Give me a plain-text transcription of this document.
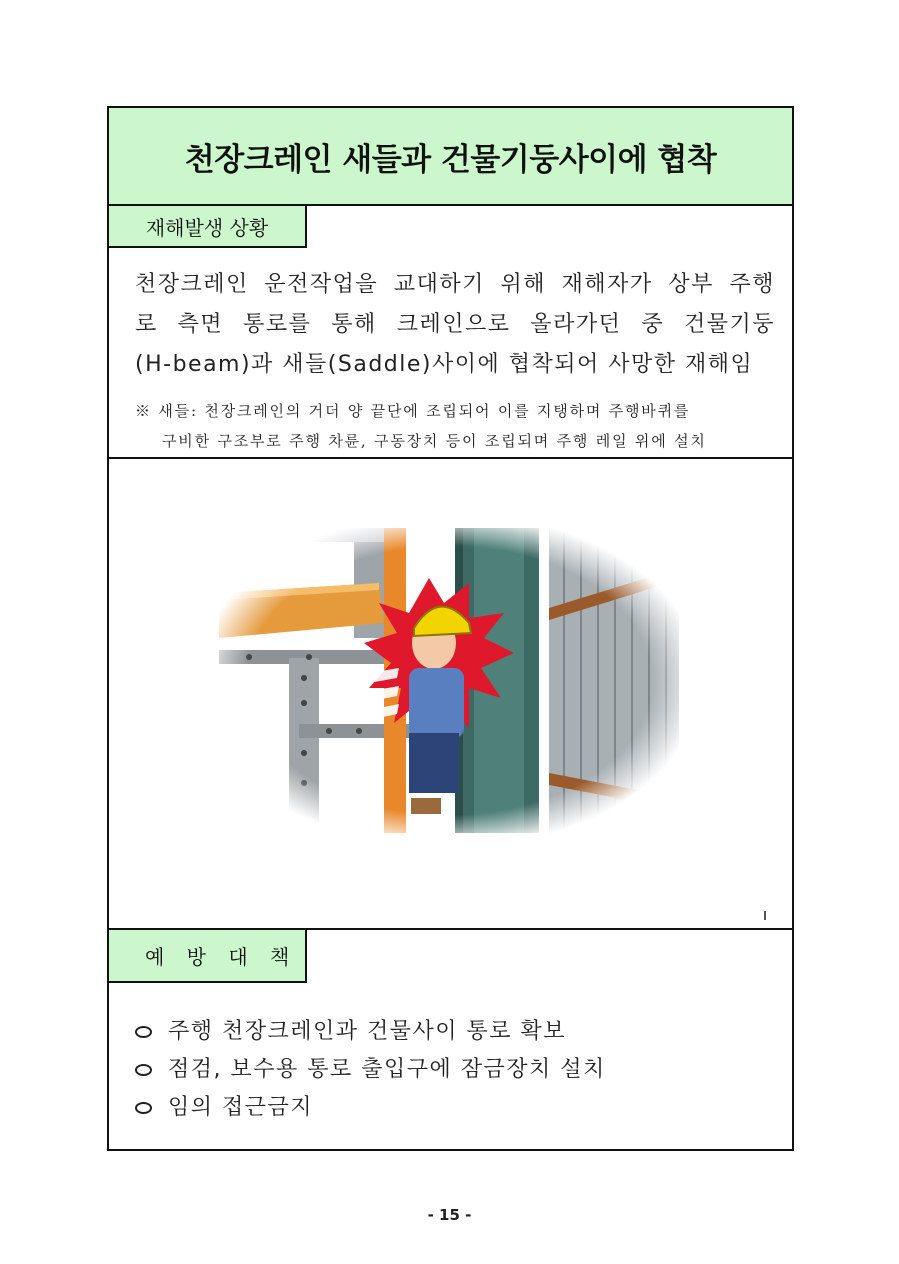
천장크레인 새들과 건물기둥사이에 협착
재해발생 상황
천장크레인 운전작업을 교대하기 위해 재해자가 상부 주행
로 측면 통로를 통해 크레인으로 올라가던 중 건물기둥
(H-beam)과 새들(Saddle)사이에 협착되어 사망한 재해임
※ 새들: 천장크레인의 거더 양 끝단에 조립되어 이를 지탱하며 주행바퀴를
구비한 구조부로 주행 차륜, 구동장치 등이 조립되며 주행 레일 위에 설치
예 방 대 책
주행 천장크레인과 건물사이 통로 확보
점검, 보수용 통로 출입구에 잠금장치 설치
임의 접근금지
- 15 -
